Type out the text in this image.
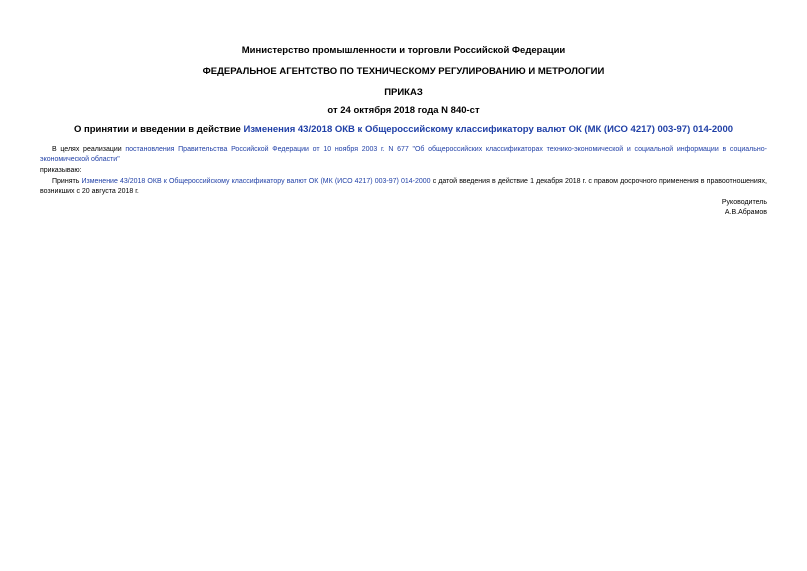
Министерство промышленности и торговли Российской Федерации
ФЕДЕРАЛЬНОЕ АГЕНТСТВО ПО ТЕХНИЧЕСКОМУ РЕГУЛИРОВАНИЮ И МЕТРОЛОГИИ
ПРИКАЗ
от 24 октября 2018 года N 840-ст
О принятии и введении в действие Изменения 43/2018 ОКВ к Общероссийскому классификатору валют ОК (МК (ИСО 4217) 003-97) 014-2000
В целях реализации постановления Правительства Российской Федерации от 10 ноября 2003 г. N 677 "Об общероссийских классификаторах технико-экономической и социальной информации в социально-экономической области"
приказываю:
Принять Изменение 43/2018 ОКВ к Общероссийскому классификатору валют ОК (МК (ИСО 4217) 003-97) 014-2000 с датой введения в действие 1 декабря 2018 г. с правом досрочного применения в правоотношениях, возникших с 20 августа 2018 г.
Руководитель
А.В.Абрамов
